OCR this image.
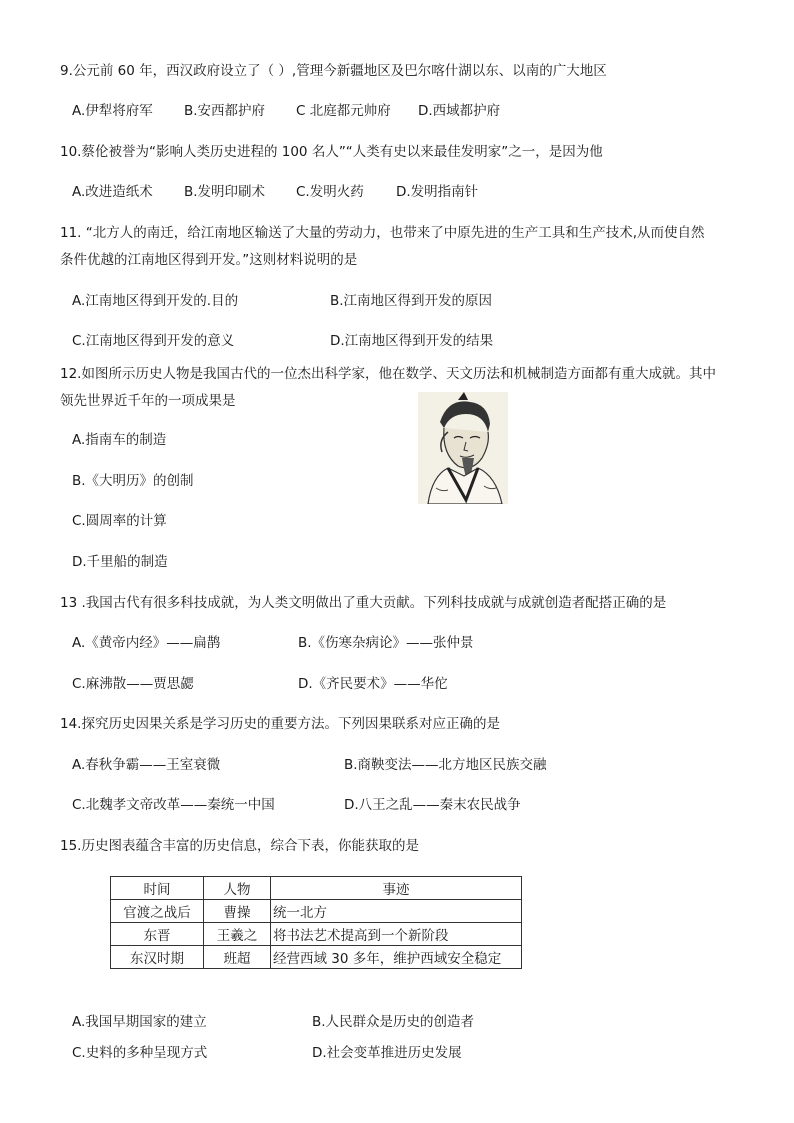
9.公元前 60 年，西汉政府设立了（ ）,管理今新疆地区及巴尔喀什湖以东、以南的广大地区
A.伊犁将府军 B.安西都护府 C 北庭都元帅府 D.西域都护府
10.蔡伦被誉为“影响人类历史进程的 100 名人”“人类有史以来最佳发明家”之一，是因为他
A.改进造纸术 B.发明印刷术 C.发明火药 D.发明指南针
11. “北方人的南迁，给江南地区输送了大量的劳动力，也带来了中原先进的生产工具和生产技术,从而使自然
条件优越的江南地区得到开发。”这则材料说明的是
A.江南地区得到开发的.目的	B.江南地区得到开发的原因
C.江南地区得到开发的意义	D.江南地区得到开发的结果
12.如图所示历史人物是我国古代的一位杰出科学家，他在数学、天文历法和机械制造方面都有重大成就。其中
领先世界近千年的一项成果是
A.指南车的制造
B.《大明历》的创制
C.圆周率的计算
D.千里船的制造
13 .我国古代有很多科技成就，为人类文明做出了重大贡献。下列科技成就与成就创造者配搭正确的是
A.《黄帝内经》——扁鹊	B.《伤寒杂病论》——张仲景
C.麻沸散——贾思勰	D.《齐民要术》——华佗
14.探究历史因果关系是学习历史的重要方法。下列因果联系对应正确的是
A.春秋争霸——王室衰微	B.商鞅变法——北方地区民族交融
C.北魏孝文帝改革——秦统一中国	D.八王之乱——秦末农民战争
15.历史图表蕴含丰富的历史信息，综合下表，你能获取的是
时间	人物	事迹
官渡之战后	曹操	统一北方
东晋	王羲之	将书法艺术提高到一个新阶段
东汉时期	班超	经营西域 30 多年，维护西域安全稳定
A.我国早期国家的建立	B.人民群众是历史的创造者
C.史料的多种呈现方式	D.社会变革推进历史发展
